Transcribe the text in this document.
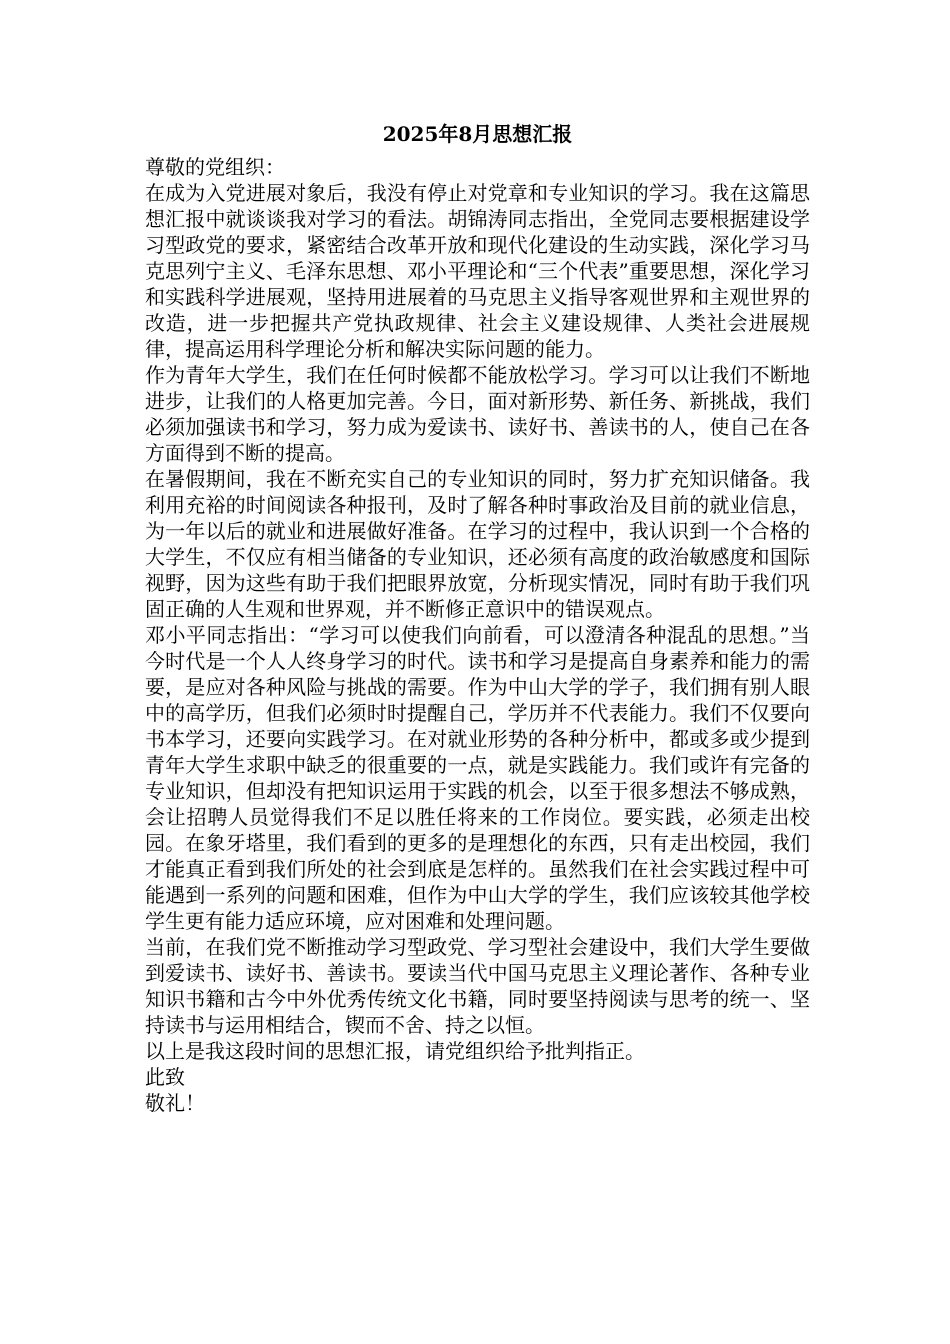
2025年8月思想汇报
尊敬的党组织：
在成为入党进展对象后，我没有停止对党章和专业知识的学习。我在这篇思想汇报中就谈谈我对学习的看法。胡锦涛同志指出，全党同志要根据建设学习型政党的要求，紧密结合改革开放和现代化建设的生动实践，深化学习马克思列宁主义、毛泽东思想、邓小平理论和“三个代表”重要思想，深化学习和实践科学进展观，坚持用进展着的马克思主义指导客观世界和主观世界的改造，进一步把握共产党执政规律、社会主义建设规律、人类社会进展规律，提高运用科学理论分析和解决实际问题的能力。
作为青年大学生，我们在任何时候都不能放松学习。学习可以让我们不断地进步，让我们的人格更加完善。今日，面对新形势、新任务、新挑战，我们必须加强读书和学习，努力成为爱读书、读好书、善读书的人，使自己在各方面得到不断的提高。
在暑假期间，我在不断充实自己的专业知识的同时，努力扩充知识储备。我利用充裕的时间阅读各种报刊，及时了解各种时事政治及目前的就业信息，为一年以后的就业和进展做好准备。在学习的过程中，我认识到一个合格的大学生，不仅应有相当储备的专业知识，还必须有高度的政治敏感度和国际视野，因为这些有助于我们把眼界放宽，分析现实情况，同时有助于我们巩固正确的人生观和世界观，并不断修正意识中的错误观点。
邓小平同志指出：“学习可以使我们向前看，可以澄清各种混乱的思想。”当今时代是一个人人终身学习的时代。读书和学习是提高自身素养和能力的需要，是应对各种风险与挑战的需要。作为中山大学的学子，我们拥有别人眼中的高学历，但我们必须时时提醒自己，学历并不代表能力。我们不仅要向书本学习，还要向实践学习。在对就业形势的各种分析中，都或多或少提到青年大学生求职中缺乏的很重要的一点，就是实践能力。我们或许有完备的专业知识，但却没有把知识运用于实践的机会，以至于很多想法不够成熟，会让招聘人员觉得我们不足以胜任将来的工作岗位。要实践，必须走出校园。在象牙塔里，我们看到的更多的是理想化的东西，只有走出校园，我们才能真正看到我们所处的社会到底是怎样的。虽然我们在社会实践过程中可能遇到一系列的问题和困难，但作为中山大学的学生，我们应该较其他学校学生更有能力适应环境，应对困难和处理问题。
当前，在我们党不断推动学习型政党、学习型社会建设中，我们大学生要做到爱读书、读好书、善读书。要读当代中国马克思主义理论著作、各种专业知识书籍和古今中外优秀传统文化书籍，同时要坚持阅读与思考的统一、坚持读书与运用相结合，锲而不舍、持之以恒。
以上是我这段时间的思想汇报，请党组织给予批判指正。
此致
敬礼！
